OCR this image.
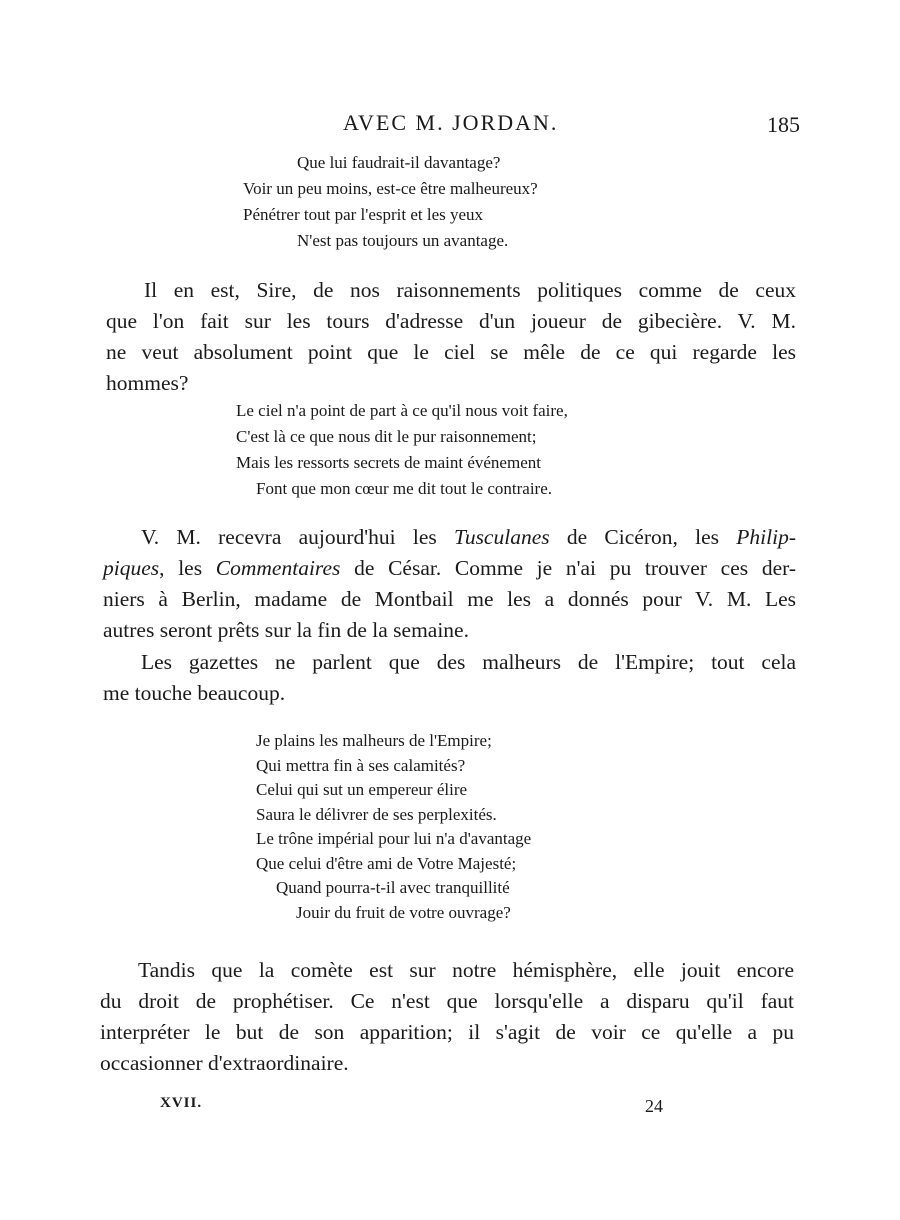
AVEC M. JORDAN.	185
Que lui faudrait-il davantage?
Voir un peu moins, est-ce être malheureux?
Pénétrer tout par l'esprit et les yeux
N'est pas toujours un avantage.

Il en est, Sire, de nos raisonnements politiques comme de ceux
que l'on fait sur les tours d'adresse d'un joueur de gibecière. V. M.
ne veut absolument point que le ciel se mêle de ce qui regarde les
hommes?

Le ciel n'a point de part à ce qu'il nous voit faire,
C'est là ce que nous dit le pur raisonnement;
Mais les ressorts secrets de maint événement
Font que mon cœur me dit tout le contraire.

V. M. recevra aujourd'hui les Tusculanes de Cicéron, les Philip-
piques, les Commentaires de César. Comme je n'ai pu trouver ces der-
niers à Berlin, madame de Montbail me les a donnés pour V. M. Les
autres seront prêts sur la fin de la semaine.

Les gazettes ne parlent que des malheurs de l'Empire; tout cela
me touche beaucoup.

Je plains les malheurs de l'Empire;
Qui mettra fin à ses calamités?
Celui qui sut un empereur élire
Saura le délivrer de ses perplexités.
Le trône impérial pour lui n'a d'avantage
Que celui d'être ami de Votre Majesté;
Quand pourra-t-il avec tranquillité
Jouir du fruit de votre ouvrage?

Tandis que la comète est sur notre hémisphère, elle jouit encore
du droit de prophétiser. Ce n'est que lorsqu'elle a disparu qu'il faut
interpréter le but de son apparition; il s'agit de voir ce qu'elle a pu
occasionner d'extraordinaire.

XVII.	24
